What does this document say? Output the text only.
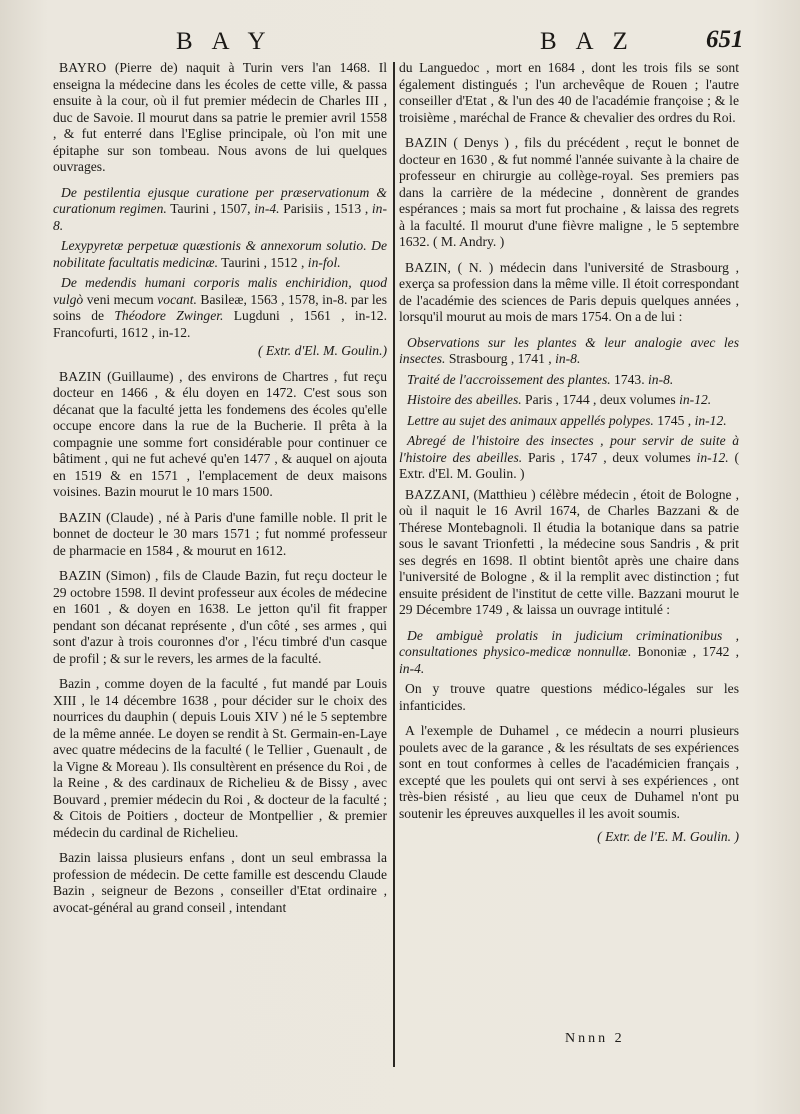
B A Y	B A Z	651

BAYRO (Pierre de) naquit à Turin vers l'an 1468. Il enseigna la médecine dans les écoles de cette ville, & passa ensuite à la cour, où il fut premier médecin de Charles III , duc de Savoie. Il mourut dans sa patrie le premier avril 1558 , & fut enterré dans l'Eglise principale, où l'on mit une épitaphe sur son tombeau. Nous avons de lui quelques ouvrages.

De pestilentia ejusque curatione per præservationum & curationum regimen. Taurini , 1507, in-4. Parisiis , 1513 , in-8.

Lexypyretæ perpetuæ quæstionis & annexorum solutio. De nobilitate facultatis medicinæ. Taurini , 1512 , in-fol.

De medendis humani corporis malis enchiridion, quod vulgò veni mecum vocant. Basileæ, 1563 , 1578, in-8. par les soins de Théodore Zwinger. Lugduni , 1561 , in-12. Francofurti, 1612 , in-12.

( Extr. d'El. M. Goulin.)

BAZIN (Guillaume) , des environs de Chartres , fut reçu docteur en 1466 , & élu doyen en 1472. C'est sous son décanat que la faculté jetta les fondemens des écoles qu'elle occupe encore dans la rue de la Bucherie. Il prêta à la compagnie une somme fort considérable pour continuer ce bâtiment , qui ne fut achevé qu'en 1477 , & auquel on ajouta en 1519 & en 1571 , l'emplacement de deux maisons voisines. Bazin mourut le 10 mars 1500.

BAZIN (Claude) , né à Paris d'une famille noble. Il prit le bonnet de docteur le 30 mars 1571 ; fut nommé professeur de pharmacie en 1584 , & mourut en 1612.

BAZIN (Simon) , fils de Claude Bazin, fut reçu docteur le 29 octobre 1598. Il devint professeur aux écoles de médecine en 1601 , & doyen en 1638. Le jetton qu'il fit frapper pendant son décanat représente , d'un côté , ses armes , qui sont d'azur à trois couronnes d'or , l'écu timbré d'un casque de profil ; & sur le revers, les armes de la faculté.

Bazin , comme doyen de la faculté , fut mandé par Louis XIII , le 14 décembre 1638 , pour décider sur le choix des nourrices du dauphin ( depuis Louis XIV ) né le 5 septembre de la même année. Le doyen se rendit à St. Germain-en-Laye avec quatre médecins de la faculté ( le Tellier , Guenault , de la Vigne & Moreau ). Ils consultèrent en présence du Roi , de la Reine , & des cardinaux de Richelieu & de Bissy , avec Bouvard , premier médecin du Roi , & docteur de la faculté ; & Citois de Poitiers , docteur de Montpellier , & premier médecin du cardinal de Richelieu.

Bazin laissa plusieurs enfans , dont un seul embrassa la profession de médecin. De cette famille est descendu Claude Bazin , seigneur de Bezons , conseiller d'Etat ordinaire , avocat-général au grand conseil , intendant

du Languedoc , mort en 1684 , dont les trois fils se sont également distingués ; l'un archevêque de Rouen ; l'autre conseiller d'Etat , & l'un des 40 de l'académie françoise ; & le troisième , maréchal de France & chevalier des ordres du Roi.

BAZIN ( Denys ) , fils du précédent , reçut le bonnet de docteur en 1630 , & fut nommé l'année suivante à la chaire de professeur en chirurgie au collège-royal. Ses premiers pas dans la carrière de la médecine , donnèrent de grandes espérances ; mais sa mort fut prochaine , & laissa des regrets à la faculté. Il mourut d'une fièvre maligne , le 5 septembre 1632. ( M. Andry. )

BAZIN, ( N. ) médecin dans l'université de Strasbourg , exerça sa profession dans la même ville. Il étoit correspondant de l'académie des sciences de Paris depuis quelques années , lorsqu'il mourut au mois de mars 1754. On a de lui :

Observations sur les plantes & leur analogie avec les insectes. Strasbourg , 1741 , in-8.

Traité de l'accroissement des plantes. 1743. in-8.

Histoire des abeilles. Paris , 1744 , deux volumes in-12.

Lettre au sujet des animaux appellés polypes. 1745 , in-12.

Abregé de l'histoire des insectes , pour servir de suite à l'histoire des abeilles. Paris , 1747 , deux volumes in-12. ( Extr. d'El. M. Goulin. )

BAZZANI, (Matthieu ) célèbre médecin , étoit de Bologne , où il naquit le 16 Avril 1674, de Charles Bazzani & de Thérese Montebagnoli. Il étudia la botanique dans sa patrie sous le savant Trionfetti , la médecine sous Sandris , & prit ses degrés en 1698. Il obtint bientôt après une chaire dans l'université de Bologne , & il la remplit avec distinction ; fut ensuite président de l'institut de cette ville. Bazzani mourut le 29 Décembre 1749 , & laissa un ouvrage intitulé :

De ambiguè prolatis in judicium criminationibus , consultationes physico-medicæ nonnullæ. Bononiæ , 1742 , in-4.

On y trouve quatre questions médico-légales sur les infanticides.

A l'exemple de Duhamel , ce médecin a nourri plusieurs poulets avec de la garance , & les résultats de ses expériences sont en tout conformes à celles de l'académicien français , excepté que les poulets qui ont servi à ses expériences , ont très-bien résisté , au lieu que ceux de Duhamel n'ont pu soutenir les épreuves auxquelles il les avoit soumis.

( Extr. de l'E. M. Goulin. )

Nnnn 2
